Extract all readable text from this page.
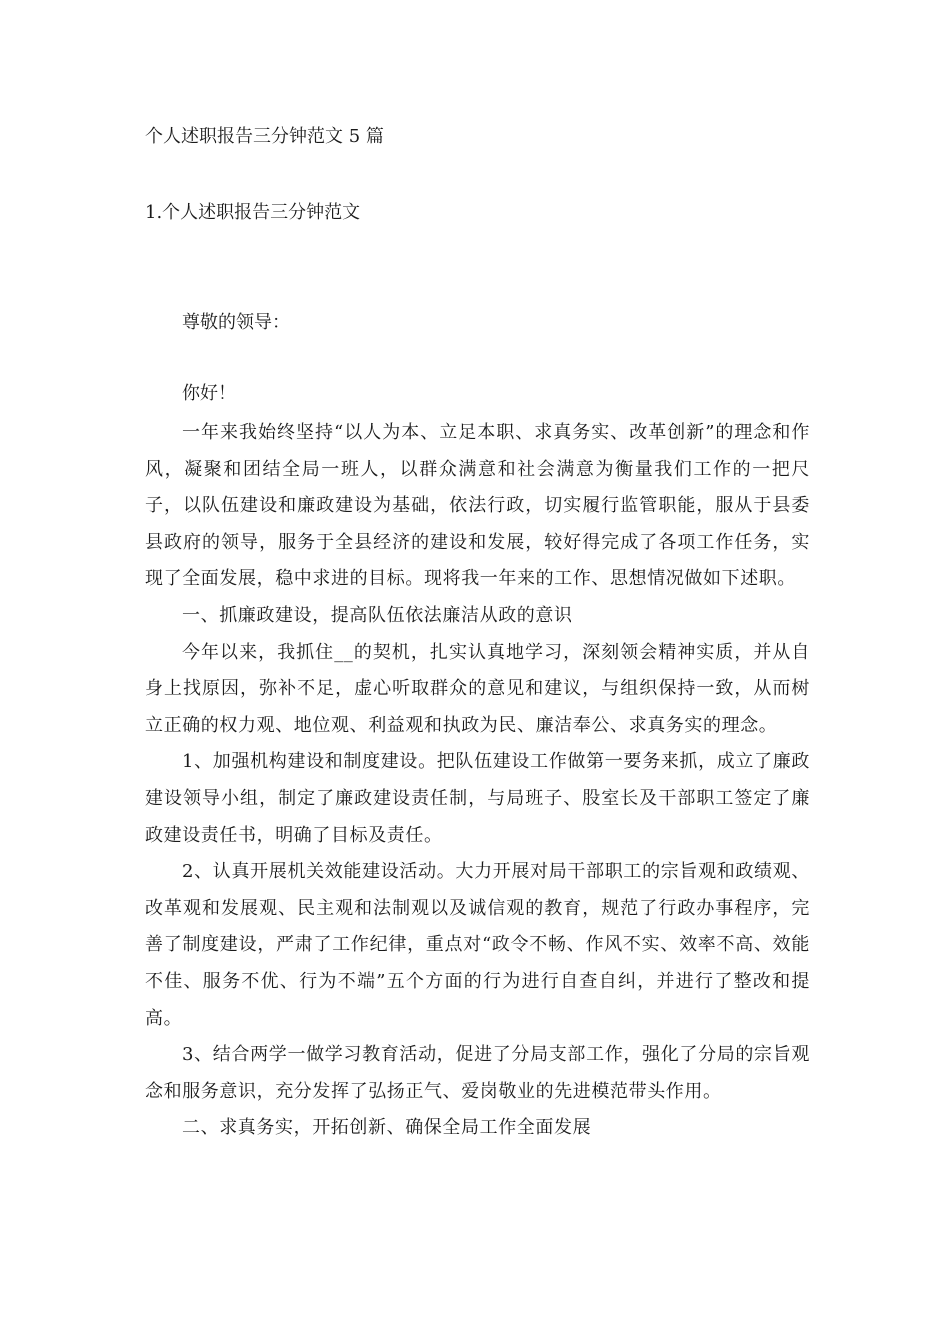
个人述职报告三分钟范文 5 篇
1.个人述职报告三分钟范文
尊敬的领导：
你好！

一年来我始终坚持“以人为本、立足本职、求真务实、改革创新”的理念和作风，凝聚和团结全局一班人，以群众满意和社会满意为衡量我们工作的一把尺子，以队伍建设和廉政建设为基础，依法行政，切实履行监管职能，服从于县委县政府的领导，服务于全县经济的建设和发展，较好得完成了各项工作任务，实现了全面发展，稳中求进的目标。现将我一年来的工作、思想情况做如下述职。

一、抓廉政建设，提高队伍依法廉洁从政的意识

今年以来，我抓住__的契机，扎实认真地学习，深刻领会精神实质，并从自身上找原因，弥补不足，虚心听取群众的意见和建议，与组织保持一致，从而树立正确的权力观、地位观、利益观和执政为民、廉洁奉公、求真务实的理念。

1、加强机构建设和制度建设。把队伍建设工作做第一要务来抓，成立了廉政建设领导小组，制定了廉政建设责任制，与局班子、股室长及干部职工签定了廉政建设责任书，明确了目标及责任。

2、认真开展机关效能建设活动。大力开展对局干部职工的宗旨观和政绩观、改革观和发展观、民主观和法制观以及诚信观的教育，规范了行政办事程序，完善了制度建设，严肃了工作纪律，重点对“政令不畅、作风不实、效率不高、效能不佳、服务不优、行为不端”五个方面的行为进行自查自纠，并进行了整改和提高。

3、结合两学一做学习教育活动，促进了分局支部工作，强化了分局的宗旨观念和服务意识，充分发挥了弘扬正气、爱岗敬业的先进模范带头作用。

二、求真务实，开拓创新、确保全局工作全面发展
